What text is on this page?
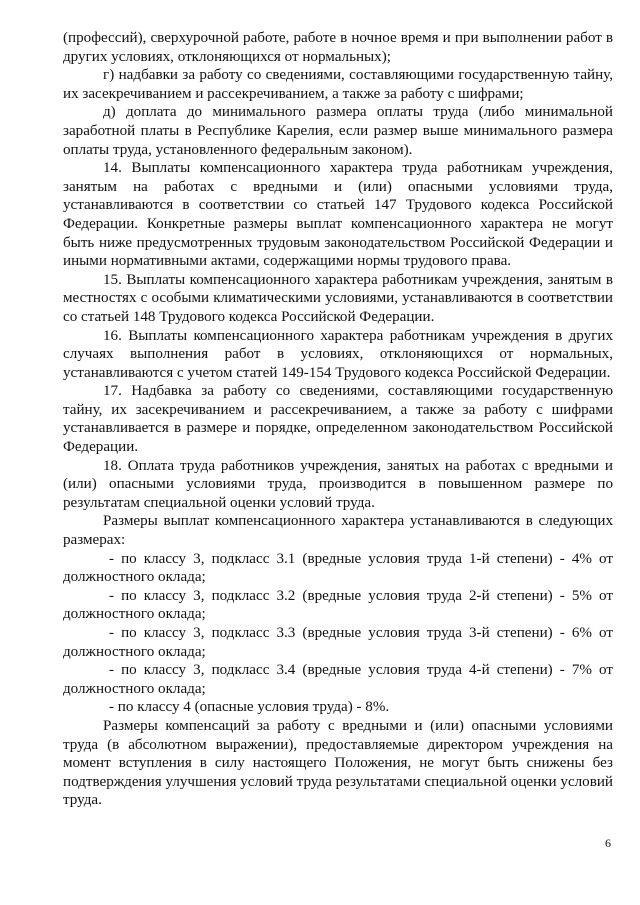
(профессий), сверхурочной работе, работе в ночное время и при выполнении работ в других условиях, отклоняющихся от нормальных);

г) надбавки за работу со сведениями, составляющими государственную тайну, их засекречиванием и рассекречиванием, а также за работу с шифрами;

д) доплата до минимального размера оплаты труда (либо минимальной заработной платы в Республике Карелия, если размер выше минимального размера оплаты труда, установленного федеральным законом).

14. Выплаты компенсационного характера труда работникам учреждения, занятым на работах с вредными и (или) опасными условиями труда, устанавливаются в соответствии со статьей 147 Трудового кодекса Российской Федерации. Конкретные размеры выплат компенсационного характера не могут быть ниже предусмотренных трудовым законодательством Российской Федерации и иными нормативными актами, содержащими нормы трудового права.

15. Выплаты компенсационного характера работникам учреждения, занятым в местностях с особыми климатическими условиями, устанавливаются в соответствии со статьей 148 Трудового кодекса Российской Федерации.

16. Выплаты компенсационного характера работникам учреждения в других случаях выполнения работ в условиях, отклоняющихся от нормальных, устанавливаются с учетом статей 149-154 Трудового кодекса Российской Федерации.

17. Надбавка за работу со сведениями, составляющими государственную тайну, их засекречиванием и рассекречиванием, а также за работу с шифрами устанавливается в размере и порядке, определенном законодательством Российской Федерации.

18. Оплата труда работников учреждения, занятых на работах с вредными и (или) опасными условиями труда, производится в повышенном размере по результатам специальной оценки условий труда.

Размеры выплат компенсационного характера устанавливаются в следующих размерах:

- по классу 3, подкласс 3.1 (вредные условия труда 1-й степени) - 4% от должностного оклада;

- по классу 3, подкласс 3.2 (вредные условия труда 2-й степени) - 5% от должностного оклада;

- по классу 3, подкласс 3.3 (вредные условия труда 3-й степени) - 6% от должностного оклада;

- по классу 3, подкласс 3.4 (вредные условия труда 4-й степени) - 7% от должностного оклада;

- по классу 4 (опасные условия труда) - 8%.

Размеры компенсаций за работу с вредными и (или) опасными условиями труда (в абсолютном выражении), предоставляемые директором учреждения на момент вступления в силу настоящего Положения, не могут быть снижены без подтверждения улучшения условий труда результатами специальной оценки условий труда.

6
